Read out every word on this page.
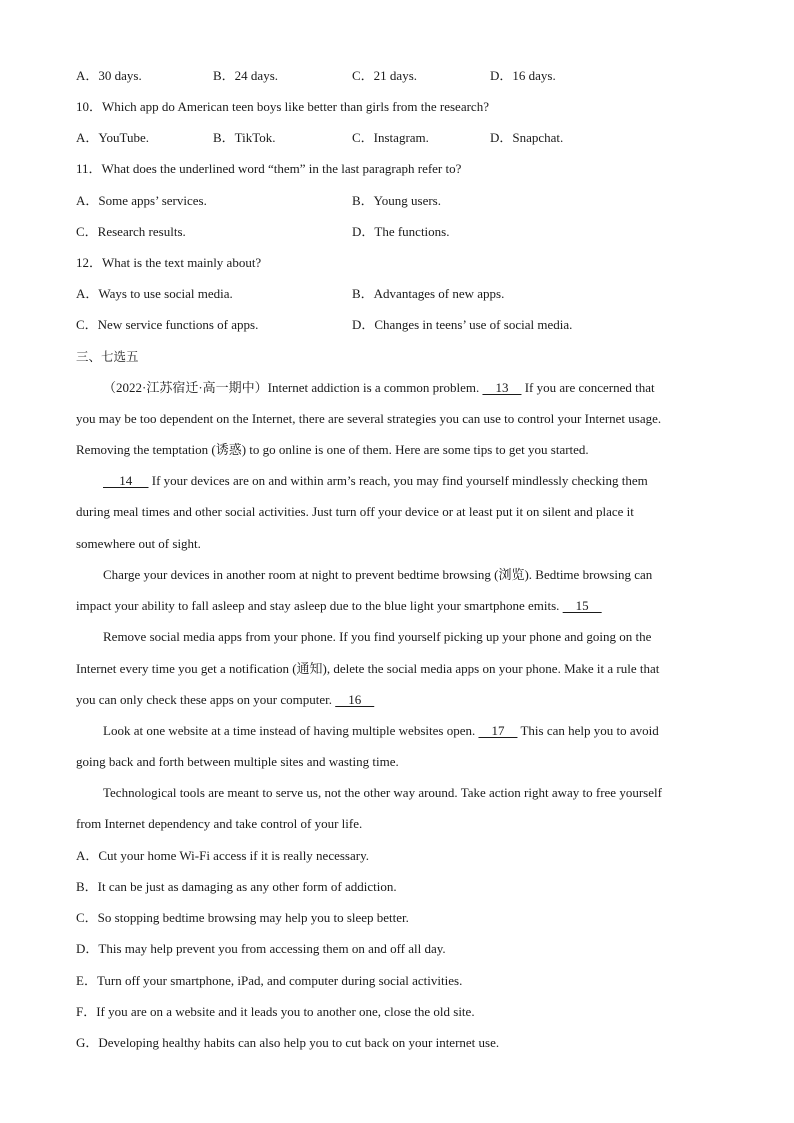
A．30 days.	B．24 days.	C．21 days.	D．16 days.
10．Which app do American teen boys like better than girls from the research?
A．YouTube.	B．TikTok.	C．Instagram.	D．Snapchat.
11．What does the underlined word “them” in the last paragraph refer to?
A．Some apps’ services.	B．Young users.
C．Research results.	D．The functions.
12．What is the text mainly about?
A．Ways to use social media.	B．Advantages of new apps.
C．New service functions of apps.	D．Changes in teens’ use of social media.
三、七选五
（2022·江苏宿迁·高一期中）Internet addiction is a common problem.     13     If you are concerned that
you may be too dependent on the Internet, there are several strategies you can use to control your Internet usage.
Removing the temptation (诱惑) to go online is one of them. Here are some tips to get you started.
14      If your devices are on and within arm’s reach, you may find yourself mindlessly checking them
during meal times and other social activities. Just turn off your device or at least put it on silent and place it
somewhere out of sight.
Charge your devices in another room at night to prevent bedtime browsing (浏览). Bedtime browsing can
impact your ability to fall asleep and stay asleep due to the blue light your smartphone emits.     15
Remove social media apps from your phone. If you find yourself picking up your phone and going on the
Internet every time you get a notification (通知), delete the social media apps on your phone. Make it a rule that
you can only check these apps on your computer.     16
Look at one website at a time instead of having multiple websites open.     17     This can help you to avoid
going back and forth between multiple sites and wasting time.
Technological tools are meant to serve us, not the other way around. Take action right away to free yourself
from Internet dependency and take control of your life.
A．Cut your home Wi-Fi access if it is really necessary.
B．It can be just as damaging as any other form of addiction.
C．So stopping bedtime browsing may help you to sleep better.
D．This may help prevent you from accessing them on and off all day.
E．Turn off your smartphone, iPad, and computer during social activities.
F．If you are on a website and it leads you to another one, close the old site.
G．Developing healthy habits can also help you to cut back on your internet use.
